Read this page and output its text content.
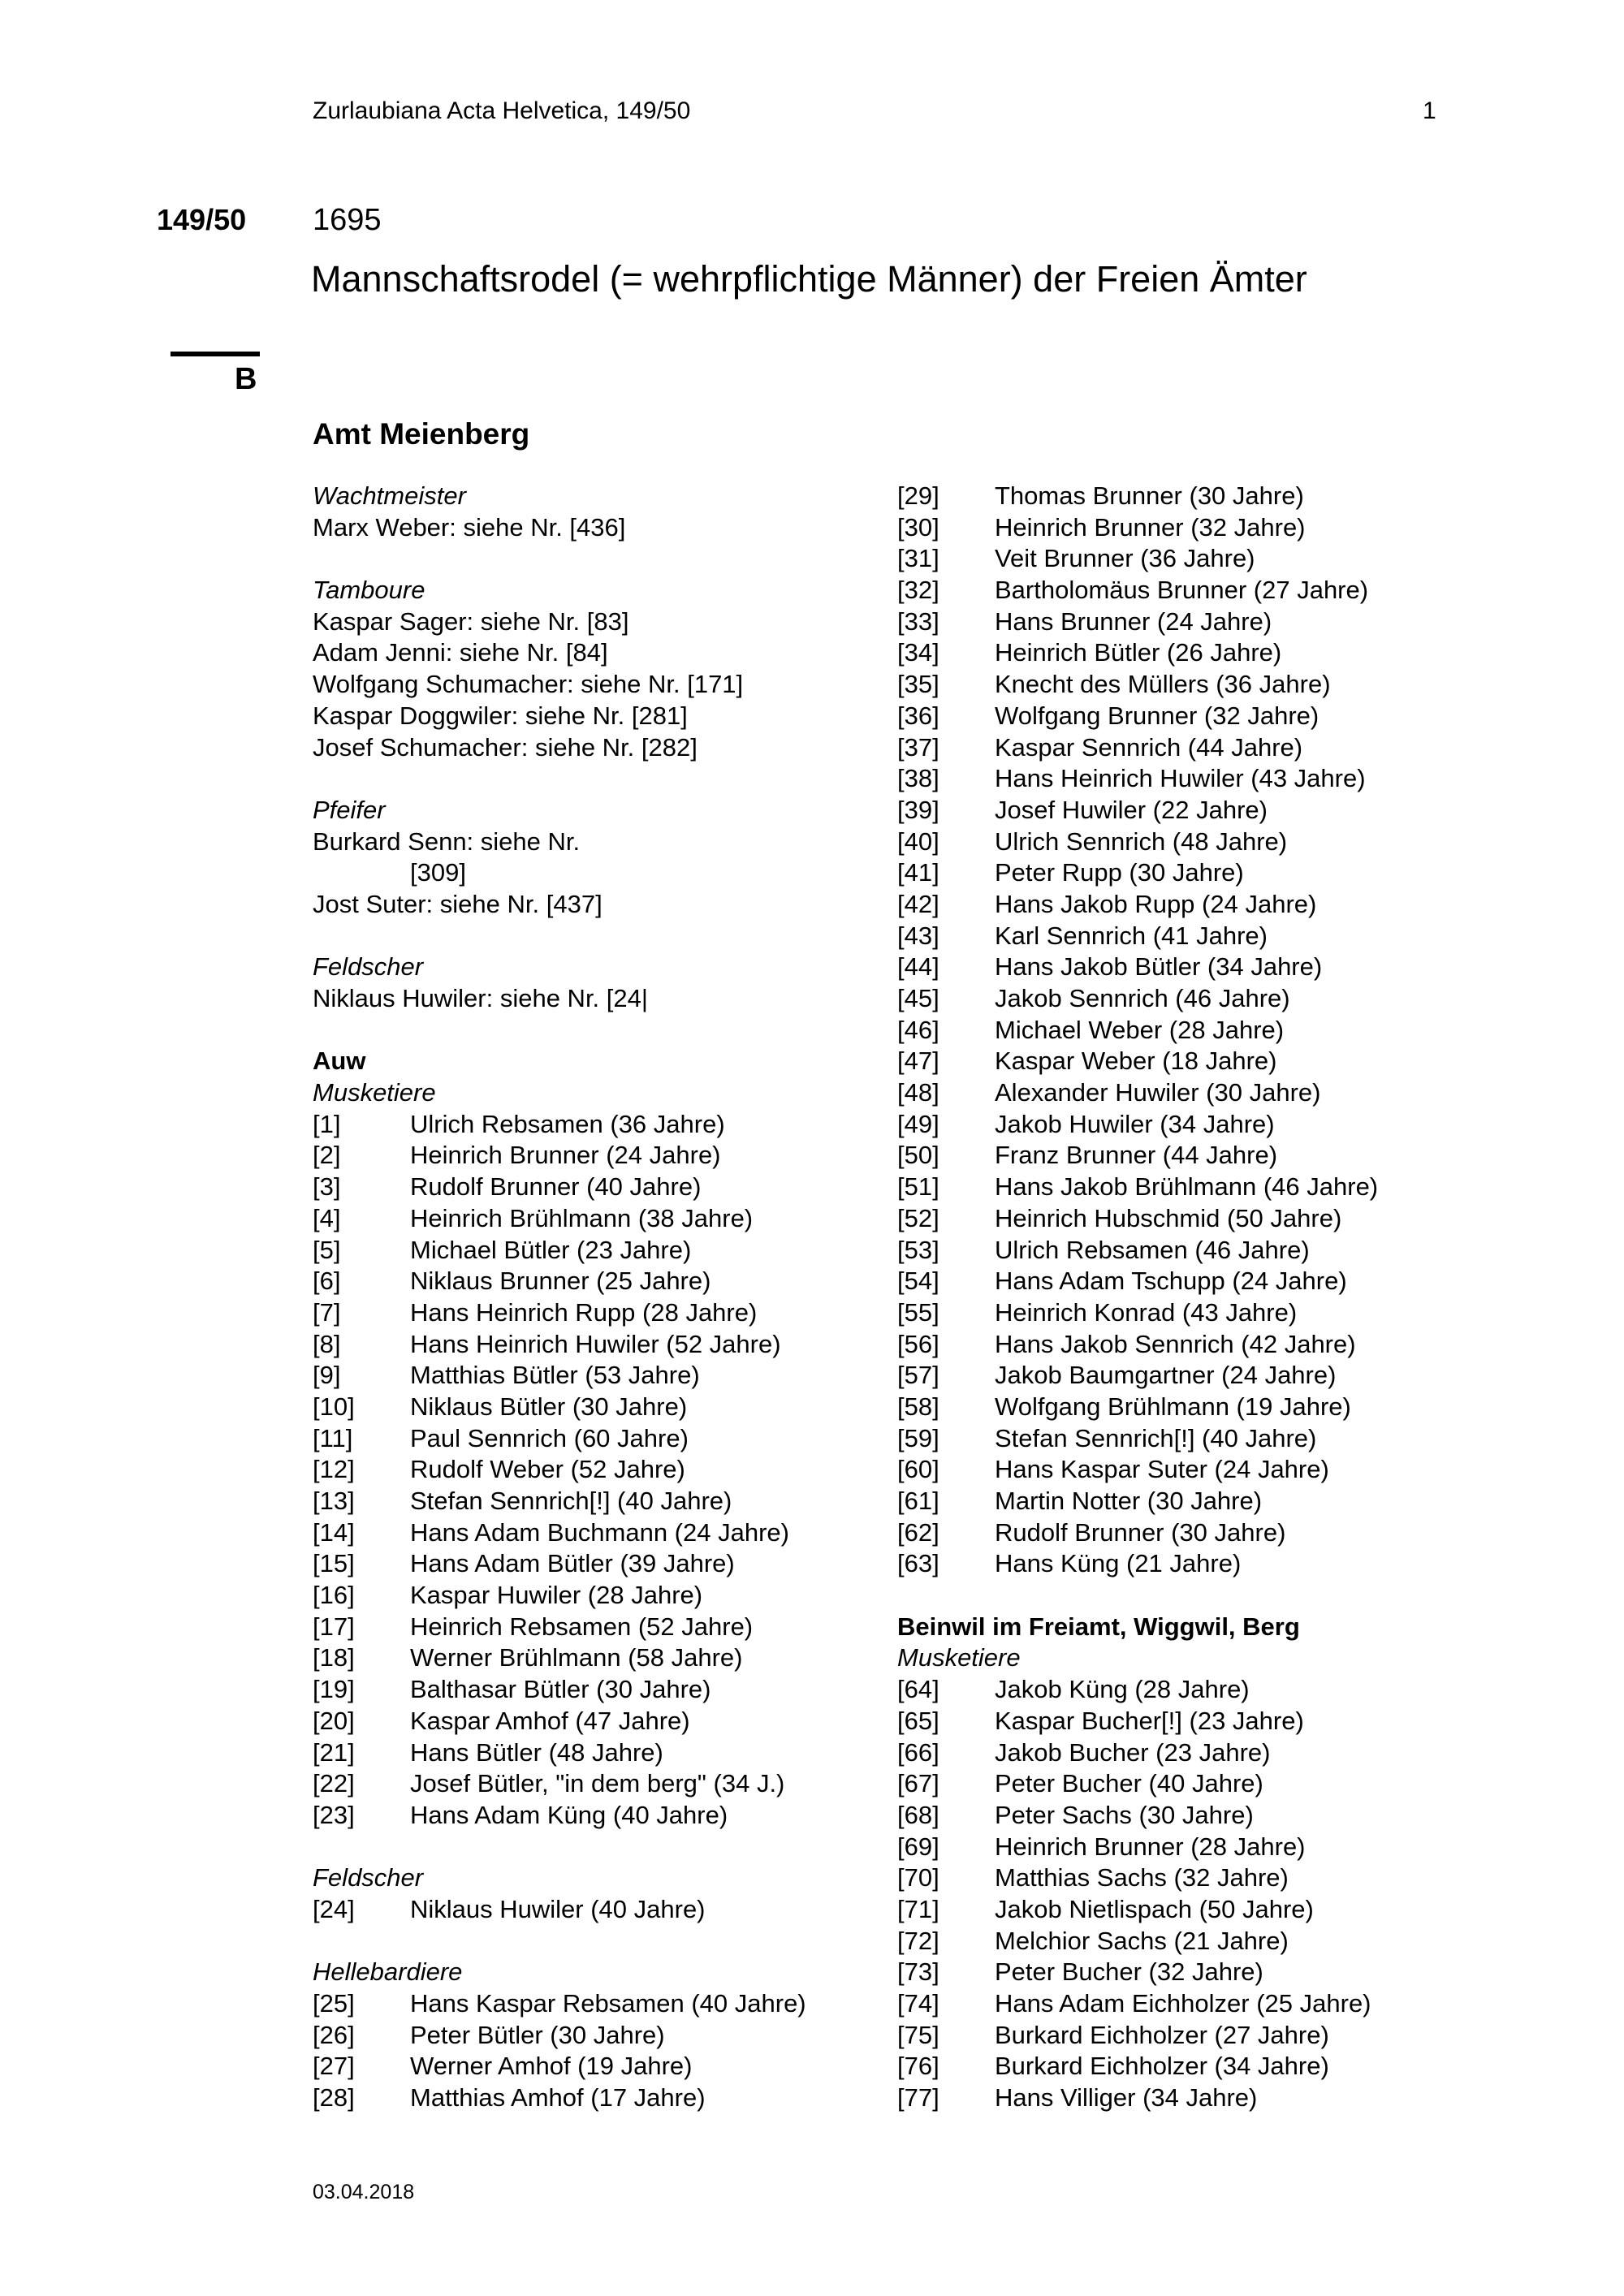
Zurlaubiana Acta Helvetica, 149/50	1
149/50 1695
Mannschaftsrodel (= wehrpflichtige Männer) der Freien Ämter
B
Amt Meienberg
Wachtmeister
Marx Weber: siehe Nr. [436]
Tamboure
Kaspar Sager: siehe Nr. [83]
Adam Jenni: siehe Nr. [84]
Wolfgang Schumacher: siehe Nr. [171]
Kaspar Doggwiler: siehe Nr. [281]
Josef Schumacher: siehe Nr. [282]
Pfeifer
Burkard Senn: siehe Nr.
[309]
Jost Suter: siehe Nr. [437]
Feldscher
Niklaus Huwiler: siehe Nr. [24|
Auw
Musketiere
[1]	Ulrich Rebsamen (36 Jahre)
[2]	Heinrich Brunner (24 Jahre)
[3]	Rudolf Brunner (40 Jahre)
[4]	Heinrich Brühlmann (38 Jahre)
[5]	Michael Bütler (23 Jahre)
[6]	Niklaus Brunner (25 Jahre)
[7]	Hans Heinrich Rupp (28 Jahre)
[8]	Hans Heinrich Huwiler (52 Jahre)
[9]	Matthias Bütler (53 Jahre)
[10]	Niklaus Bütler (30 Jahre)
[11]	Paul Sennrich (60 Jahre)
[12]	Rudolf Weber (52 Jahre)
[13]	Stefan Sennrich[!] (40 Jahre)
[14]	Hans Adam Buchmann (24 Jahre)
[15]	Hans Adam Bütler (39 Jahre)
[16]	Kaspar Huwiler (28 Jahre)
[17]	Heinrich Rebsamen (52 Jahre)
[18]	Werner Brühlmann (58 Jahre)
[19]	Balthasar Bütler (30 Jahre)
[20]	Kaspar Amhof (47 Jahre)
[21]	Hans Bütler (48 Jahre)
[22]	Josef Bütler, "in dem berg" (34 J.)
[23]	Hans Adam Küng (40 Jahre)
Feldscher
[24]	Niklaus Huwiler (40 Jahre)
Hellebardiere
[25]	Hans Kaspar Rebsamen (40 Jahre)
[26]	Peter Bütler (30 Jahre)
[27]	Werner Amhof (19 Jahre)
[28]	Matthias Amhof (17 Jahre)
[29]	Thomas Brunner (30 Jahre)
[30]	Heinrich Brunner (32 Jahre)
[31]	Veit Brunner (36 Jahre)
[32]	Bartholomäus Brunner (27 Jahre)
[33]	Hans Brunner (24 Jahre)
[34]	Heinrich Bütler (26 Jahre)
[35]	Knecht des Müllers (36 Jahre)
[36]	Wolfgang Brunner (32 Jahre)
[37]	Kaspar Sennrich (44 Jahre)
[38]	Hans Heinrich Huwiler (43 Jahre)
[39]	Josef Huwiler (22 Jahre)
[40]	Ulrich Sennrich (48 Jahre)
[41]	Peter Rupp (30 Jahre)
[42]	Hans Jakob Rupp (24 Jahre)
[43]	Karl Sennrich (41 Jahre)
[44]	Hans Jakob Bütler (34 Jahre)
[45]	Jakob Sennrich (46 Jahre)
[46]	Michael Weber (28 Jahre)
[47]	Kaspar Weber (18 Jahre)
[48]	Alexander Huwiler (30 Jahre)
[49]	Jakob Huwiler (34 Jahre)
[50]	Franz Brunner (44 Jahre)
[51]	Hans Jakob Brühlmann (46 Jahre)
[52]	Heinrich Hubschmid (50 Jahre)
[53]	Ulrich Rebsamen (46 Jahre)
[54]	Hans Adam Tschupp (24 Jahre)
[55]	Heinrich Konrad (43 Jahre)
[56]	Hans Jakob Sennrich (42 Jahre)
[57]	Jakob Baumgartner (24 Jahre)
[58]	Wolfgang Brühlmann (19 Jahre)
[59]	Stefan Sennrich[!] (40 Jahre)
[60]	Hans Kaspar Suter (24 Jahre)
[61]	Martin Notter (30 Jahre)
[62]	Rudolf Brunner (30 Jahre)
[63]	Hans Küng (21 Jahre)
Beinwil im Freiamt, Wiggwil, Berg
Musketiere
[64]	Jakob Küng (28 Jahre)
[65]	Kaspar Bucher[!] (23 Jahre)
[66]	Jakob Bucher (23 Jahre)
[67]	Peter Bucher (40 Jahre)
[68]	Peter Sachs (30 Jahre)
[69]	Heinrich Brunner (28 Jahre)
[70]	Matthias Sachs (32 Jahre)
[71]	Jakob Nietlispach (50 Jahre)
[72]	Melchior Sachs (21 Jahre)
[73]	Peter Bucher (32 Jahre)
[74]	Hans Adam Eichholzer (25 Jahre)
[75]	Burkard Eichholzer (27 Jahre)
[76]	Burkard Eichholzer (34 Jahre)
[77]	Hans Villiger (34 Jahre)
03.04.2018
